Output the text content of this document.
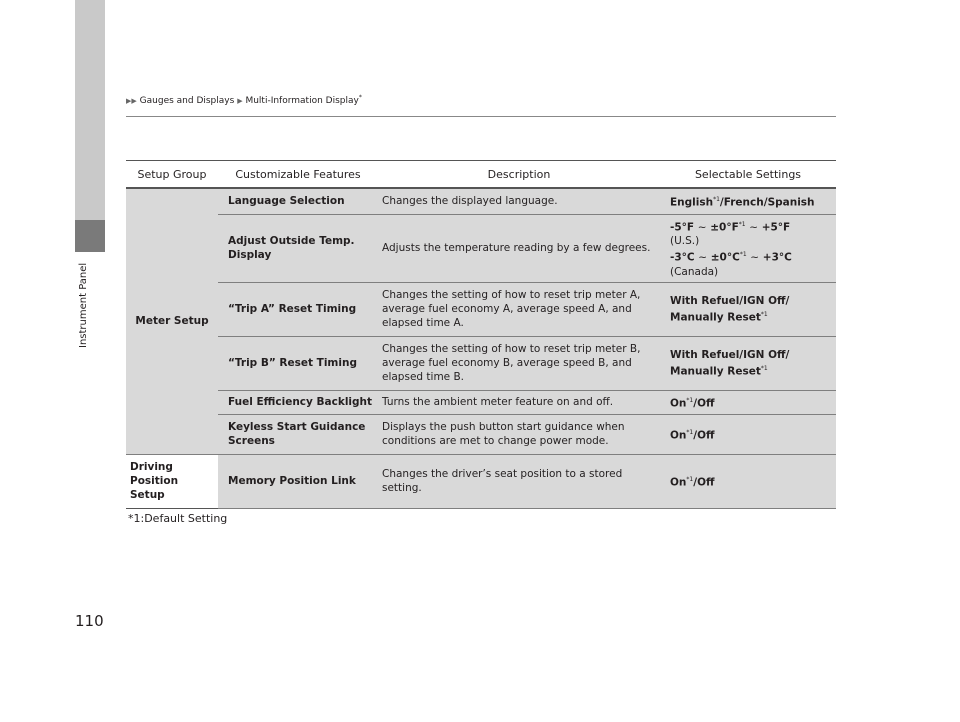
Instrument Panel
▶▶ Gauges and Displays ▶ Multi-Information Display*
Setup Group	Customizable Features	Description	Selectable Settings
Meter Setup	Language Selection	Changes the displayed language.	English$^{*1}$/French/Spanish
	Adjust Outside Temp. Display	Adjusts the temperature reading by a few degrees.	-5°F ~ ±0°F$^{*1}$ ~ +5°F
(U.S.)
-3°C ~ ±0°C$^{*1}$ ~ +3°C
(Canada)
	“Trip A” Reset Timing	Changes the setting of how to reset trip meter A, average fuel economy A, average speed A, and elapsed time A.	With Refuel/IGN Off/
Manually Reset$^{*1}$
	“Trip B” Reset Timing	Changes the setting of how to reset trip meter B, average fuel economy B, average speed B, and elapsed time B.	With Refuel/IGN Off/
Manually Reset$^{*1}$
	Fuel Efficiency Backlight	Turns the ambient meter feature on and off.	On$^{*1}$/Off
	Keyless Start Guidance Screens	Displays the push button start guidance when conditions are met to change power mode.	On$^{*1}$/Off
Driving Position Setup	Memory Position Link	Changes the driver’s seat position to a stored setting.	On$^{*1}$/Off
*1:Default Setting
110
